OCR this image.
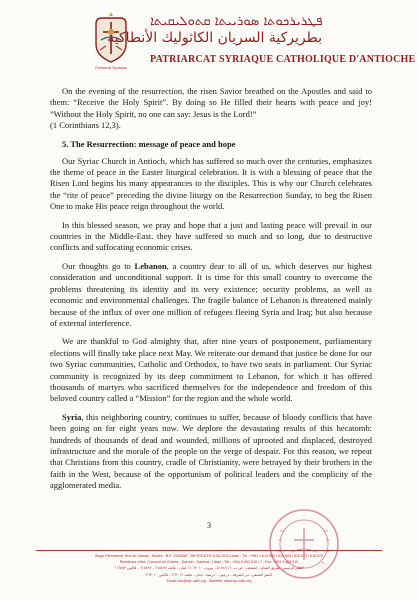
Patriarcat Syriaque
ܦܛܪܝܪܟܘܬܐ ܣܘܪܝܝܬܐ ܩܬܘܠܝܩܝܬܐ
بطريركية السريان الكاثوليك الأنطاكية
PATRIARCAT SYRIAQUE CATHOLIQUE D'ANTIOCHE

On the evening of the resurrection, the risen Savior breathed on the Apostles and said to them: “Receive the Holy Spirit”. By doing so He filled their hearts with peace and joy! ”Without the Holy Spirit, no one can say: Jesus is the Lord!”

(1 Corinthians 12,3).

5. The Resurrection: message of peace and hope

Our Syriac Church in Antioch, which has suffered so much over the centuries, emphasizes the theme of peace in the Easter liturgical celebration. It is with a blessing of peace that the Risen Lord begins his many appearances to the disciples. This is why our Church celebrates the “rite of peace” preceding the divine liturgy on the Resurrection Sunday, to beg the Risen One to make His peace reign throughout the world.

In this blessed season, we pray and hope that a just and lasting peace will prevail in our countries in the Middle-East. they have suffered so much and so long, due to destructive conflicts and suffocating economic crises.

Our thoughts go to Lebanon, a country dear to all of us, which deserves our highest consideration and unconditional support. It is time for this small country to overcome the problems threatening its identity and its very existence; security problems, as well as economic and environmental challenges. The fragile balance of Lebanon is threatened mainly because of the influx of over one million of refugees fleeing Syria and Iraq; but also because of external interference.

We are thankful to God almighty that, after nine years of postponement, parliamentary elections will finally take place next May. We reiterate our demand that justice be done for our two Syriac communities, Catholic and Orthodox, to have two seats in parliament. Our Syriac community is recognized by its deep commitment to Lebanon, for which it has offered thousands of martyrs who sacrificed themselves for the independence and freedom of this beloved country called a “Mission” for the region and the whole world.

Syria, this neighboring country, continues to suffer, because of bloody conflicts that have been going on for eight years now. We deplore the devastating results of this hecatomb: hundreds of thousands of dead and wounded, millions of uprooted and displaced, destroyed infrastructure and the morale of the people on the verge of despair. For this reason, we repeat that Christians from this country, cradle of Christianity, were betrayed by their brothers in the faith in the West, because of the opportunism of political leaders and the complicity of the agglomerated media.

3
Siège Permanent: Rue de Damas - Musée - B.P. 116/5087 - BEYROUTH 1106-2010 Liban - Tél : +961 1 615 892 / 615 893 / 616 573 / 616 573
Résidence d'été: Couvent de Charfet - Daroun - Harissa - Liban - Tél.: +961 9 263 016 / 7 - Fax: +961 9 263 010
المقر الرئيسي: طريق الشام - المتحف - ص.ب. ٥٠٨٧/١١٦ - بيروت ١١٠٦٢٠١٠ لبنان - هاتف ٦١٥٨٩٢ - ٦١٥٨٩٣ - فاكس ٦١٦٥٧٣
المقر الصيفي: دير الشرفة - درعون - حريصا - لبنان - هاتف ٢٦٣٠١٦ - فاكس ٢٦٣٠١٠
Email: info@syr-cath.org - Website: www.syr-cath.org
